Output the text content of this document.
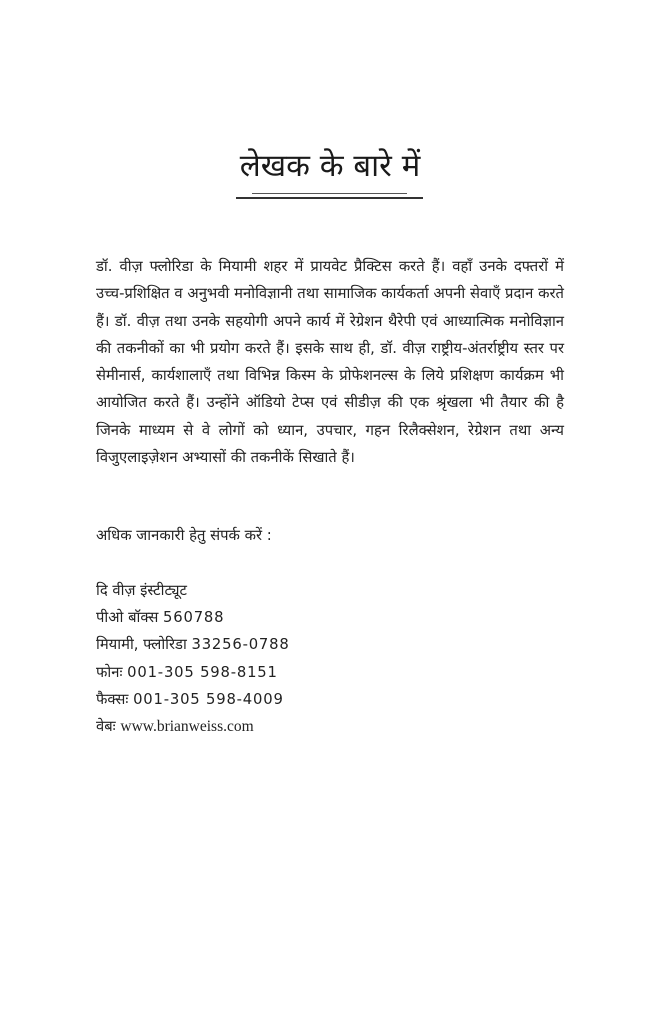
लेखक के बारे में

डॉ. वीज़ फ्लोरिडा के मियामी शहर में प्रायवेट प्रैक्टिस करते हैं। वहाँ उनके दफ्तरों में उच्च-प्रशिक्षित व अनुभवी मनोविज्ञानी तथा सामाजिक कार्यकर्ता अपनी सेवाएँ प्रदान करते हैं। डॉ. वीज़ तथा उनके सहयोगी अपने कार्य में रेग्रेशन थैरेपी एवं आध्यात्मिक मनोविज्ञान की तकनीकों का भी प्रयोग करते हैं। इसके साथ ही, डॉ. वीज़ राष्ट्रीय-अंतर्राष्ट्रीय स्तर पर सेमीनार्स, कार्यशालाएँ तथा विभिन्न किस्म के प्रोफेशनल्स के लिये प्रशिक्षण कार्यक्रम भी आयोजित करते हैं। उन्होंने ऑडियो टेप्स एवं सीडीज़ की एक श्रृंखला भी तैयार की है जिनके माध्यम से वे लोगों को ध्यान, उपचार, गहन रिलैक्सेशन, रेग्रेशन तथा अन्य विजुएलाइज़ेशन अभ्यासों की तकनीकें सिखाते हैं।

अधिक जानकारी हेतु संपर्क करें :

दि वीज़ इंस्टीट्यूट
पीओ बॉक्स 560788
मियामी, फ्लोरिडा 33256-0788
फोनः 001-305 598-8151
फैक्सः 001-305 598-4009
वेबः www.brianweiss.com
